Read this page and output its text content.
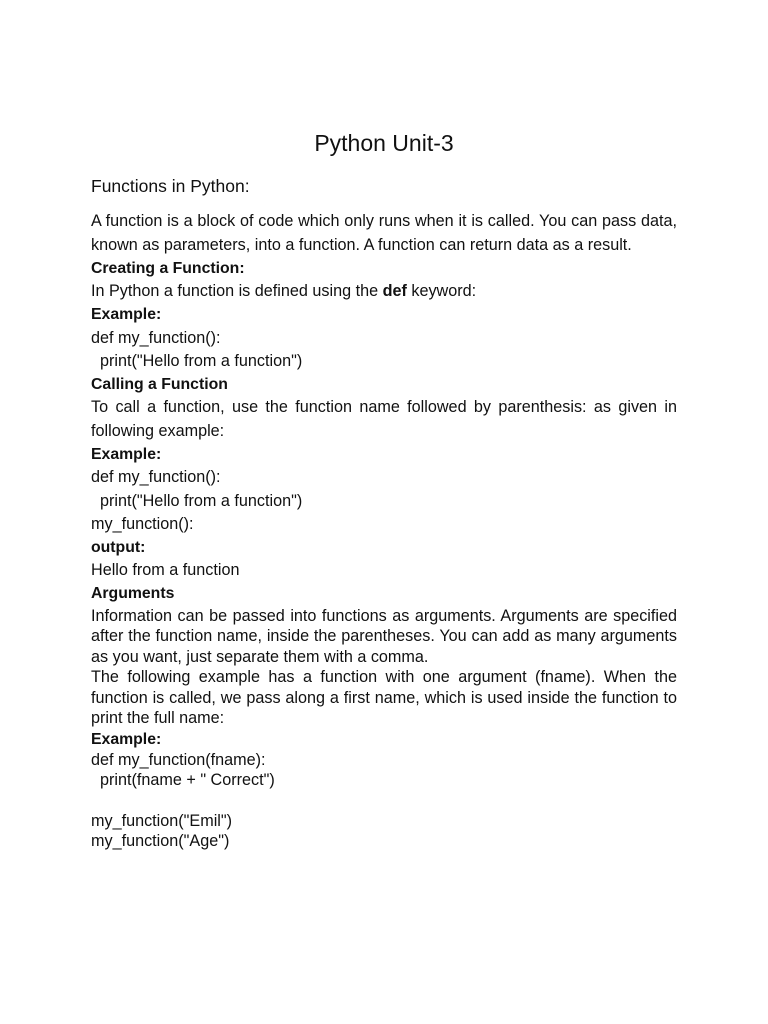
Python Unit-3
Functions in Python:

A function is a block of code which only runs when it is called. You can pass data, known as parameters, into a function. A function can return data as a result.

Creating a Function:

In Python a function is defined using the def keyword:

Example:

def my_function():
print("Hello from a function")

Calling a Function

To call a function, use the function name followed by parenthesis: as given in following example:

Example:

def my_function():
print("Hello from a function")
my_function():

output:

Hello from a function

Arguments

Information can be passed into functions as arguments. Arguments are specified after the function name, inside the parentheses. You can add as many arguments as you want, just separate them with a comma.

The following example has a function with one argument (fname). When the function is called, we pass along a first name, which is used inside the function to print the full name:

Example:

def my_function(fname):
print(fname + " Correct")
my_function("Emil")
my_function("Age")
